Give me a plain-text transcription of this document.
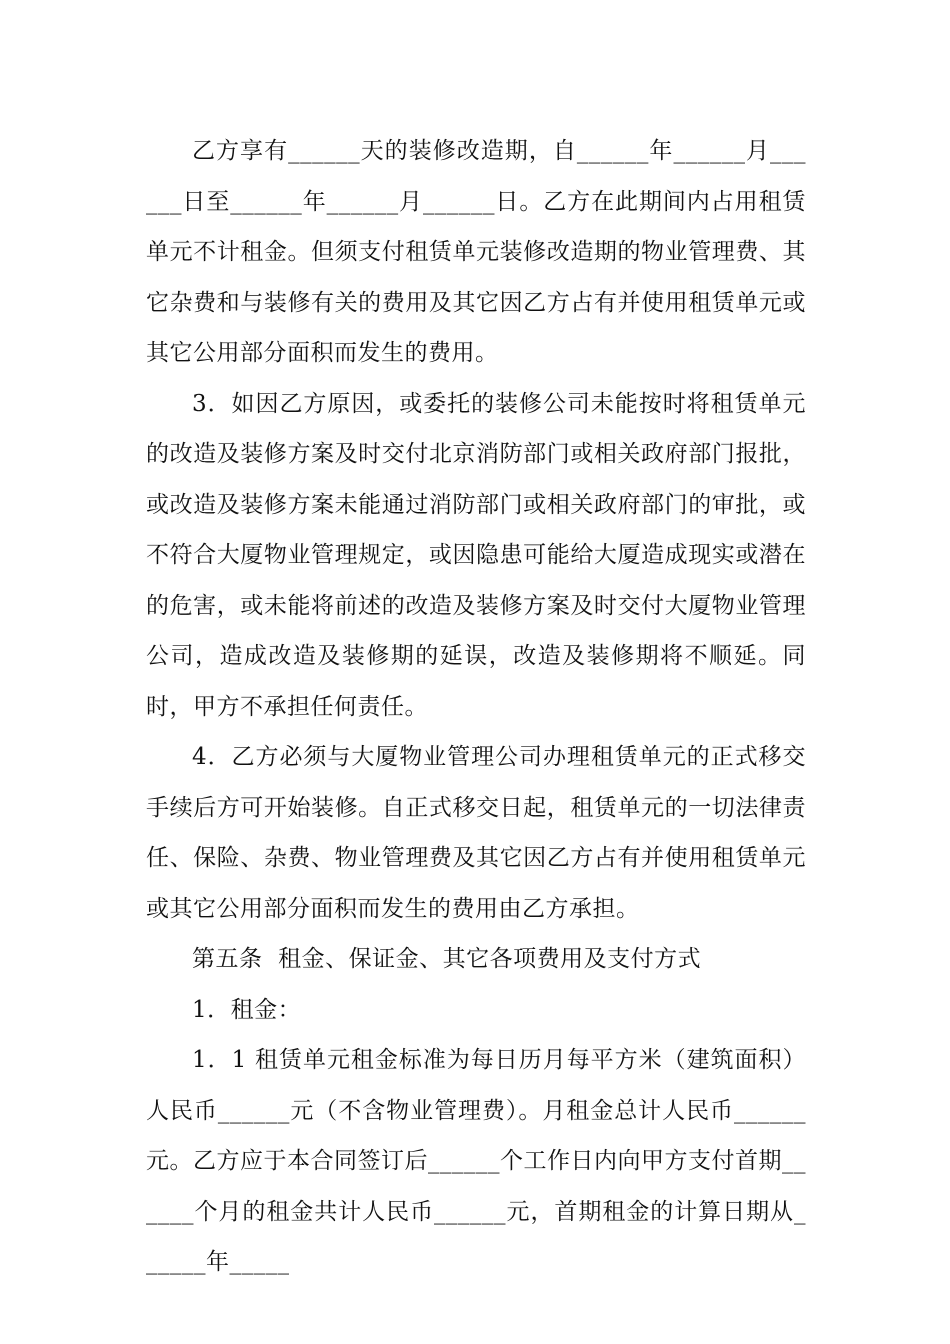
乙方享有______天的装修改造期，自______年______月______日至______年______月______日。乙方在此期间内占用租赁单元不计租金。但须支付租赁单元装修改造期的物业管理费、其它杂费和与装修有关的费用及其它因乙方占有并使用租赁单元或其它公用部分面积而发生的费用。

3．如因乙方原因，或委托的装修公司未能按时将租赁单元的改造及装修方案及时交付北京消防部门或相关政府部门报批，或改造及装修方案未能通过消防部门或相关政府部门的审批，或不符合大厦物业管理规定，或因隐患可能给大厦造成现实或潜在的危害，或未能将前述的改造及装修方案及时交付大厦物业管理公司，造成改造及装修期的延误，改造及装修期将不顺延。同时，甲方不承担任何责任。

4．乙方必须与大厦物业管理公司办理租赁单元的正式移交手续后方可开始装修。自正式移交日起，租赁单元的一切法律责任、保险、杂费、物业管理费及其它因乙方占有并使用租赁单元或其它公用部分面积而发生的费用由乙方承担。

第五条  租金、保证金、其它各项费用及支付方式

1．租金：

1．1 租赁单元租金标准为每日历月每平方米（建筑面积）人民币______元（不含物业管理费）。月租金总计人民币______元。乙方应于本合同签订后______个工作日内向甲方支付首期______个月的租金共计人民币______元，首期租金的计算日期从______年_____
